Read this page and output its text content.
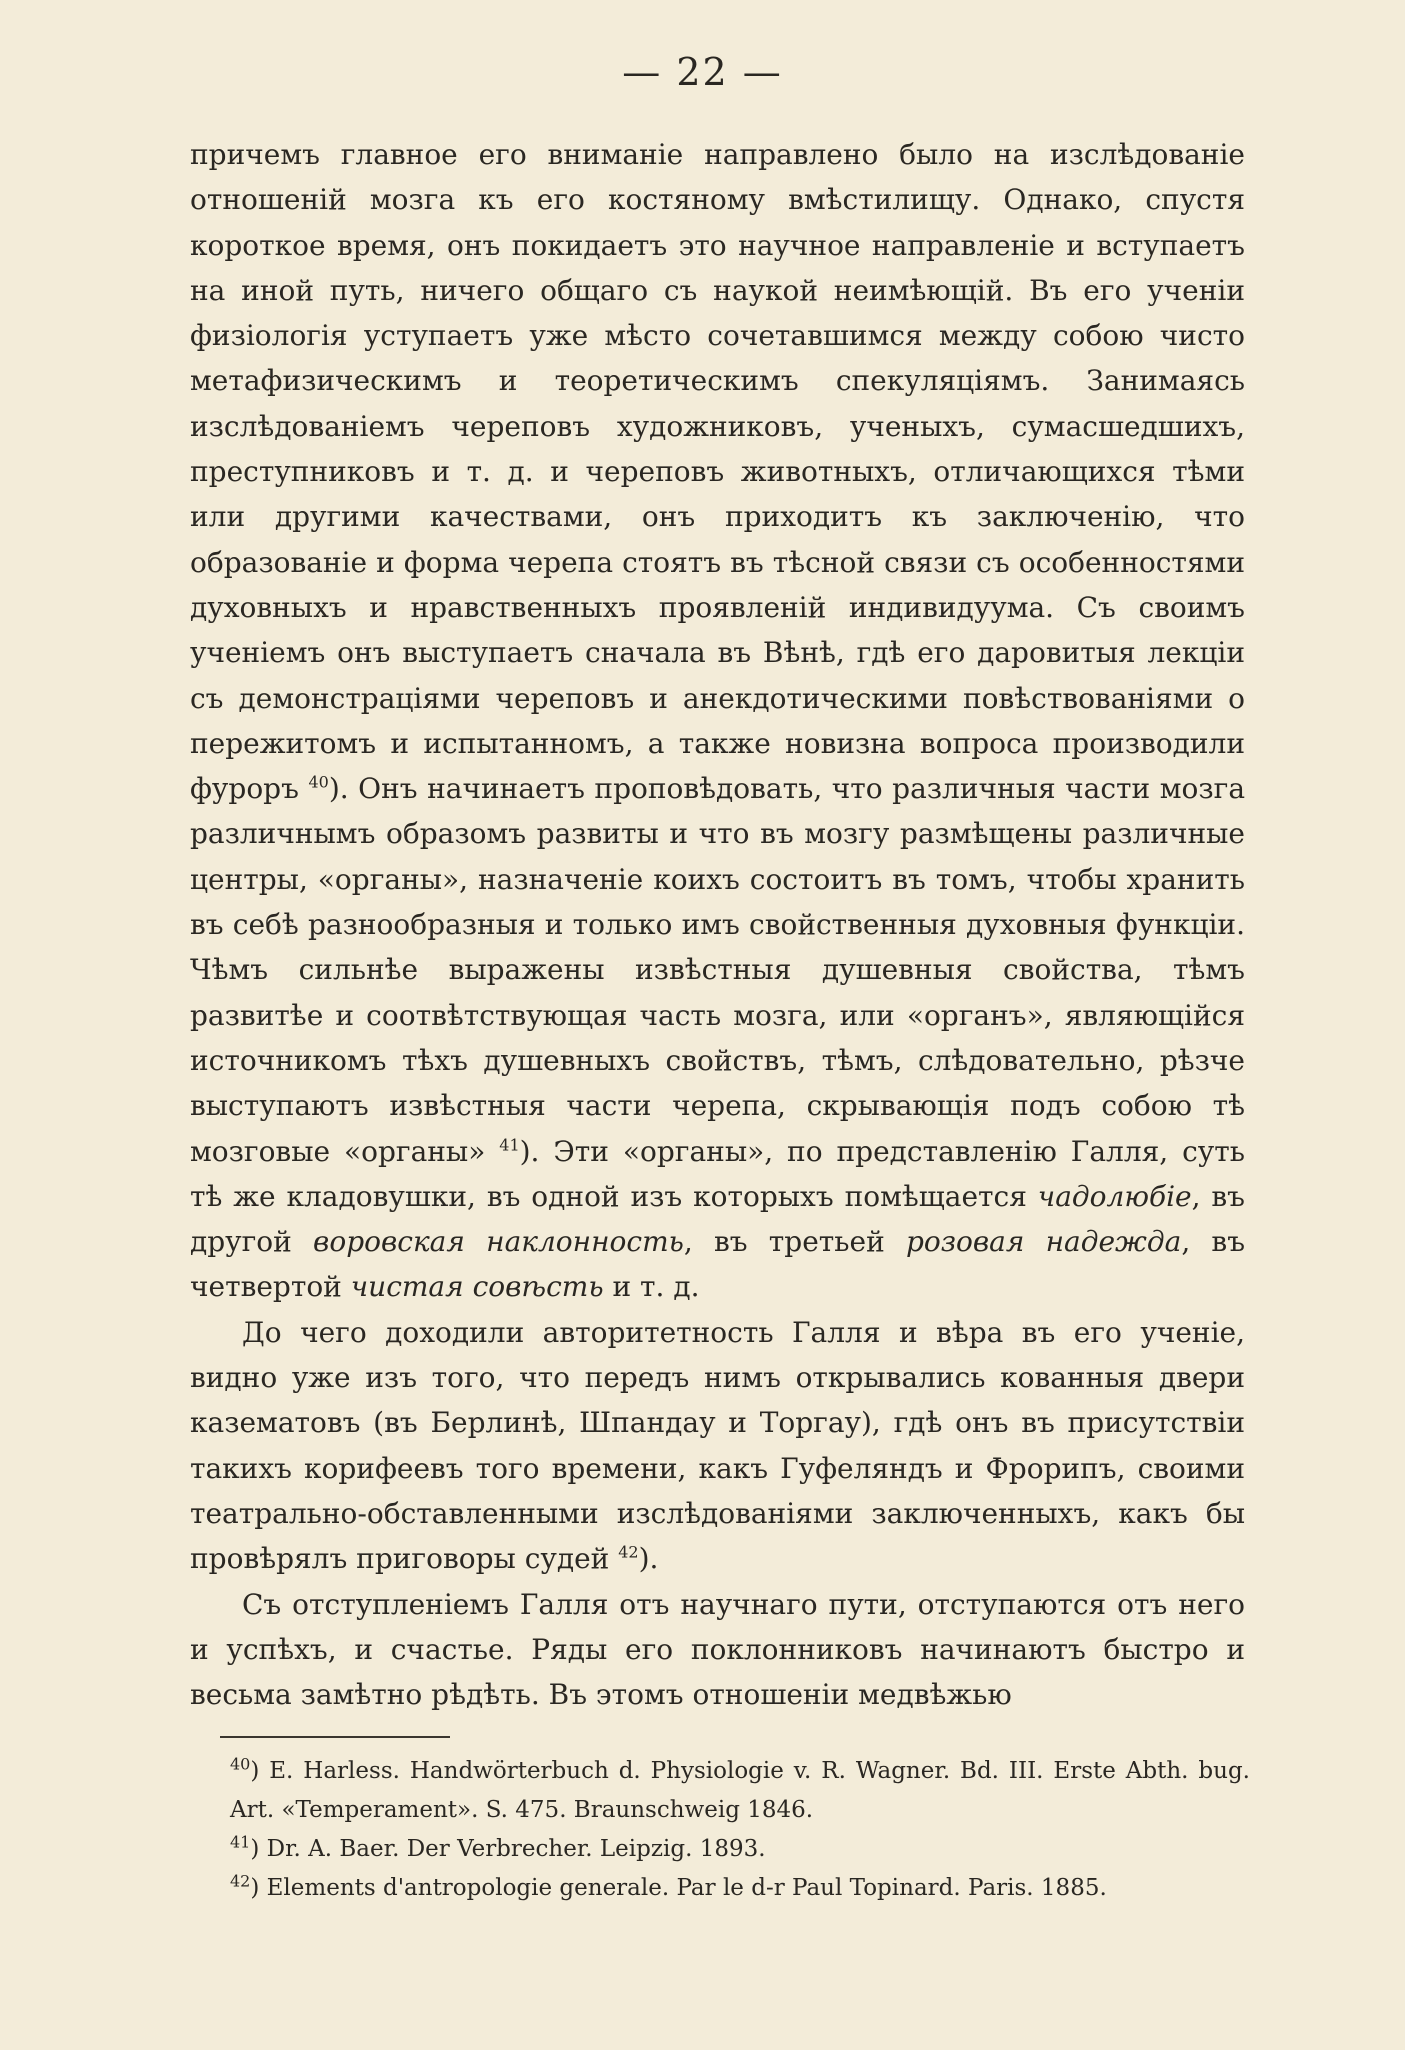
— 22 —

причемъ главное его вниманіе направлено было на изслѣдованіе отношеній мозга къ его костяному вмѣстилищу. Однако, спустя короткое время, онъ покидаетъ это научное направленіе и вступаетъ на иной путь, ничего общаго съ наукой неимѣющій. Въ его ученіи физіологія уступаетъ уже мѣсто сочетавшимся между собою чисто метафизическимъ и теоретическимъ спекуляціямъ. Занимаясь изслѣдованіемъ череповъ художниковъ, ученыхъ, сумасшедшихъ, преступниковъ и т. д. и череповъ животныхъ, отличающихся тѣми или другими качествами, онъ приходитъ къ заключенію, что образованіе и форма черепа стоятъ въ тѣсной связи съ особенностями духовныхъ и нравственныхъ проявленій индивидуума. Съ своимъ ученіемъ онъ выступаетъ сначала въ Вѣнѣ, гдѣ его даровитыя лекціи съ демонстраціями череповъ и анекдотическими повѣствованіями о пережитомъ и испытанномъ, а также новизна вопроса производили фуроръ $^{40}$). Онъ начинаетъ проповѣдовать, что различныя части мозга различнымъ образомъ развиты и что въ мозгу размѣщены различные центры, «органы», назначеніе коихъ состоитъ въ томъ, чтобы хранить въ себѣ разнообразныя и только имъ свойственныя духовныя функціи. Чѣмъ сильнѣе выражены извѣстныя душевныя свойства, тѣмъ развитѣе и соотвѣтствующая часть мозга, или «органъ», являющійся источникомъ тѣхъ душевныхъ свойствъ, тѣмъ, слѣдовательно, рѣзче выступаютъ извѣстныя части черепа, скрывающія подъ собою тѣ мозговые «органы» $^{41}$). Эти «органы», по представленію Галля, суть тѣ же кладовушки, въ одной изъ которыхъ помѣщается чадолюбіе, въ другой воровская наклонность, въ третьей розовая надежда, въ четвертой чистая совѣсть и т. д.

До чего доходили авторитетность Галля и вѣра въ его ученіе, видно уже изъ того, что передъ нимъ открывались кованныя двери казематовъ (въ Берлинѣ, Шпандау и Торгау), гдѣ онъ въ присутствіи такихъ корифеевъ того времени, какъ Гуфеляндъ и Фрорипъ, своими театрально-обставленными изслѣдованіями заключенныхъ, какъ бы провѣрялъ приговоры судей $^{42}$).

Съ отступленіемъ Галля отъ научнаго пути, отступаются отъ него и успѣхъ, и счастье. Ряды его поклонниковъ начинаютъ быстро и весьма замѣтно рѣдѣть. Въ этомъ отношеніи медвѣжью

$^{40}$) E. Harless. Handwörterbuch d. Physiologie v. R. Wagner. Bd. III. Erste Abth. bug. Art. «Temperament». S. 475. Braunschweig 1846.

$^{41}$) Dr. A. Baer. Der Verbrecher. Leipzig. 1893.

$^{42}$) Elements d'antropologie generale. Par le d-r Paul Topinard. Paris. 1885.
